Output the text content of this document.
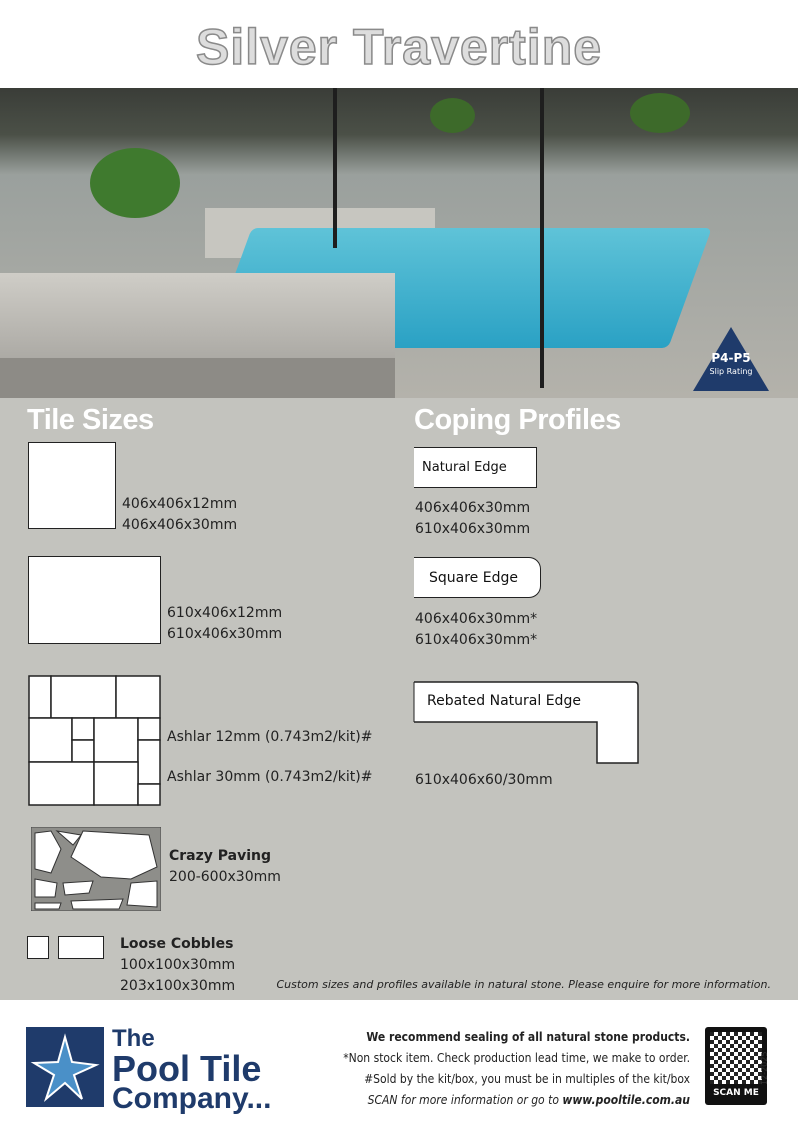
Silver Travertine
P4-P5
Slip Rating
Tile Sizes	Coping Profiles
406x406x12mm
406x406x30mm
610x406x12mm
610x406x30mm
Ashlar 12mm (0.743m2/kit)#
Ashlar 30mm (0.743m2/kit)#
Crazy Paving
200-600x30mm
Loose Cobbles
100x100x30mm
203x100x30mm
Natural Edge
406x406x30mm
610x406x30mm
Square Edge
406x406x30mm*
610x406x30mm*
Rebated Natural Edge
610x406x60/30mm
Custom sizes and profiles available in natural stone. Please enquire for more information.
The
Pool Tile
Company...
We recommend sealing of all natural stone products.
*Non stock item. Check production lead time, we make to order.
#Sold by the kit/box, you must be in multiples of the kit/box
SCAN for more information or go to www.pooltile.com.au	SCAN ME
12-2025
